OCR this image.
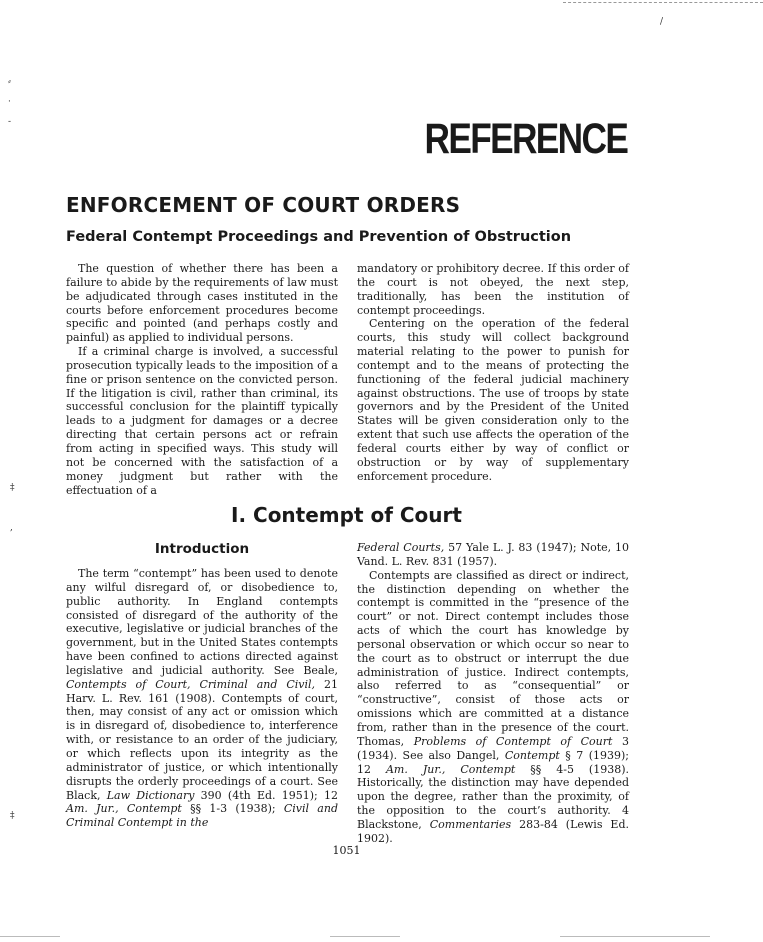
⸗
·
-
‡
,
‡
/
REFERENCE
ENFORCEMENT OF COURT ORDERS
Federal Contempt Proceedings and Prevention of Obstruction

The question of whether there has been a failure to abide by the requirements of law must be adjudicated through cases instituted in the courts before enforcement procedures become specific and pointed (and perhaps costly and painful) as applied to individual persons.

If a criminal charge is involved, a successful prosecution typically leads to the imposition of a fine or prison sentence on the convicted person. If the litigation is civil, rather than criminal, its successful conclusion for the plaintiff typically leads to a judgment for damages or a decree directing that certain persons act or refrain from acting in specified ways. This study will not be concerned with the satisfaction of a money judgment but rather with the effectuation of a

mandatory or prohibitory decree. If this order of the court is not obeyed, the next step, traditionally, has been the institution of contempt proceedings.

Centering on the operation of the federal courts, this study will collect background material relating to the power to punish for contempt and to the means of protecting the functioning of the federal judicial machinery against obstructions. The use of troops by state governors and by the President of the United States will be given consideration only to the extent that such use affects the operation of the federal courts either by way of conflict or obstruction or by way of supplementary enforcement procedure.

I. Contempt of Court
Introduction

The term “contempt” has been used to denote any wilful disregard of, or disobedience to, public authority. In England contempts consisted of disregard of the authority of the executive, legislative or judicial branches of the government, but in the United States contempts have been confined to actions directed against legislative and judicial authority. See Beale, Contempts of Court, Criminal and Civil, 21 Harv. L. Rev. 161 (1908). Contempts of court, then, may consist of any act or omission which is in disregard of, disobedience to, interference with, or resistance to an order of the judiciary, or which reflects upon its integrity as the administrator of justice, or which intentionally disrupts the orderly proceedings of a court. See Black, Law Dictionary 390 (4th Ed. 1951); 12 Am. Jur., Contempt §§ 1-3 (1938); Civil and Criminal Contempt in the

Federal Courts, 57 Yale L. J. 83 (1947); Note, 10 Vand. L. Rev. 831 (1957).

Contempts are classified as direct or indirect, the distinction depending on whether the contempt is committed in the “presence of the court” or not. Direct contempt includes those acts of which the court has knowledge by personal observation or which occur so near to the court as to obstruct or interrupt the due administration of justice. Indirect contempts, also referred to as “consequential” or “constructive”, consist of those acts or omissions which are committed at a distance from, rather than in the presence of the court. Thomas, Problems of Contempt of Court 3 (1934). See also Dangel, Contempt § 7 (1939); 12 Am. Jur., Contempt §§ 4-5 (1938). Historically, the distinction may have depended upon the degree, rather than the proximity, of the opposition to the court’s authority. 4 Blackstone, Commentaries 283-84 (Lewis Ed. 1902).

1051
